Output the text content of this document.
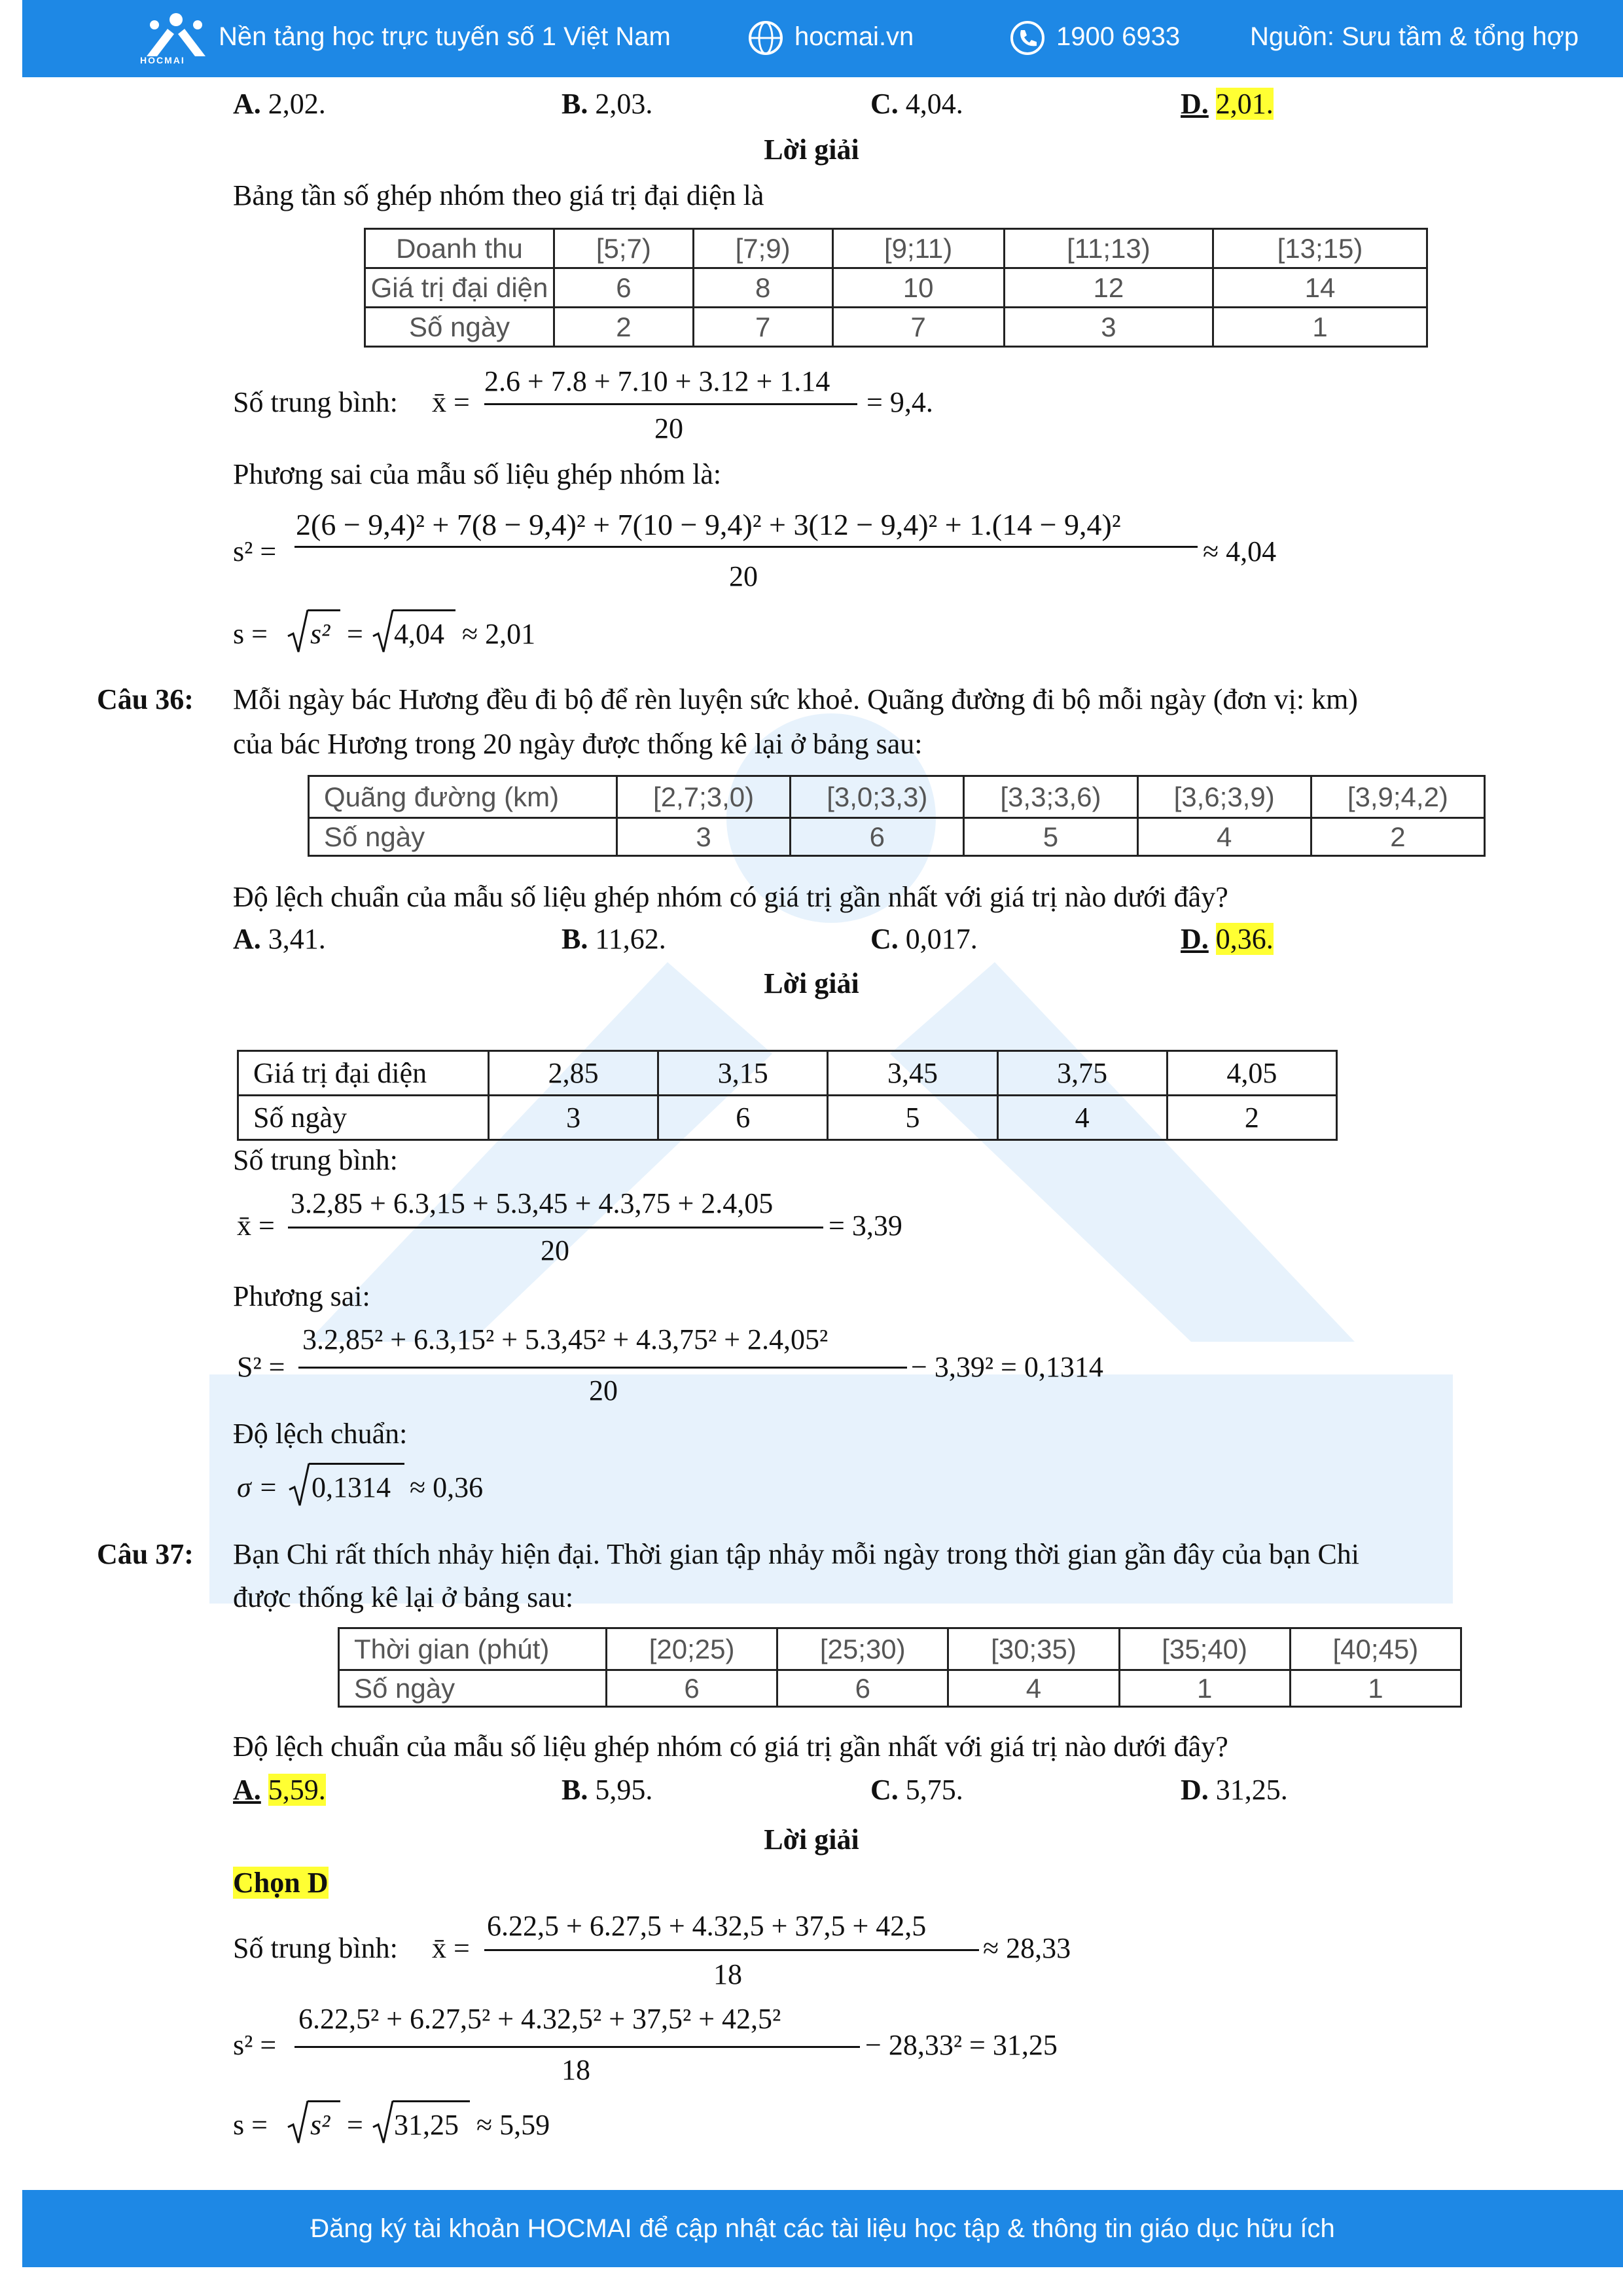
HOCMAI
Nền tảng học trực tuyến số 1 Việt Nam	hocmai.vn	1900 6933	Nguồn: Sưu tầm & tổng hợp
A. 2,02.	B. 2,03.	C. 4,04.	D. 2,01.
Lời giải
Bảng tần số ghép nhóm theo giá trị đại diện là
Doanh thu	[5;7)	[7;9)	[9;11)	[11;13)	[13;15)
Giá trị đại diện	6	8	10	12	14
Số ngày	2	7	7	3	1
Số trung bình: x̄ =
2.6 + 7.8 + 7.10 + 3.12 + 1.14
20
= 9,4.
Phương sai của mẫu số liệu ghép nhóm là:
s² =
2(6 − 9,4)² + 7(8 − 9,4)² + 7(10 − 9,4)² + 3(12 − 9,4)² + 1.(14 − 9,4)²
20
≈ 4,04
s = s² = 4,04 ≈ 2,01
Câu 36: Mỗi ngày bác Hương đều đi bộ để rèn luyện sức khoẻ. Quãng đường đi bộ mỗi ngày (đơn vị: km)
của bác Hương trong 20 ngày được thống kê lại ở bảng sau:
Quãng đường (km)	[2,7;3,0)	[3,0;3,3)	[3,3;3,6)	[3,6;3,9)	[3,9;4,2)
Số ngày	3	6	5	4	2
Độ lệch chuẩn của mẫu số liệu ghép nhóm có giá trị gần nhất với giá trị nào dưới đây?
A. 3,41.	B. 11,62.	C. 0,017.	D. 0,36.
Lời giải
Giá trị đại diện	2,85	3,15	3,45	3,75	4,05
Số ngày	3	6	5	4	2
Số trung bình:
x̄ =
3.2,85 + 6.3,15 + 5.3,45 + 4.3,75 + 2.4,05
20
= 3,39
Phương sai:
S² =
3.2,85² + 6.3,15² + 5.3,45² + 4.3,75² + 2.4,05²
20
− 3,39² = 0,1314
Độ lệch chuẩn:
σ = 0,1314 ≈ 0,36
Câu 37: Bạn Chi rất thích nhảy hiện đại. Thời gian tập nhảy mỗi ngày trong thời gian gần đây của bạn Chi
được thống kê lại ở bảng sau:
Thời gian (phút)	[20;25)	[25;30)	[30;35)	[35;40)	[40;45)
Số ngày	6	6	4	1	1
Độ lệch chuẩn của mẫu số liệu ghép nhóm có giá trị gần nhất với giá trị nào dưới đây?
A. 5,59.	B. 5,95.	C. 5,75.	D. 31,25.
Lời giải
Chọn D
Số trung bình: x̄ =
6.22,5 + 6.27,5 + 4.32,5 + 37,5 + 42,5
18
≈ 28,33
s² =
6.22,5² + 6.27,5² + 4.32,5² + 37,5² + 42,5²
18
− 28,33² = 31,25
s = s² = 31,25 ≈ 5,59
Đăng ký tài khoản HOCMAI để cập nhật các tài liệu học tập & thông tin giáo dục hữu ích
